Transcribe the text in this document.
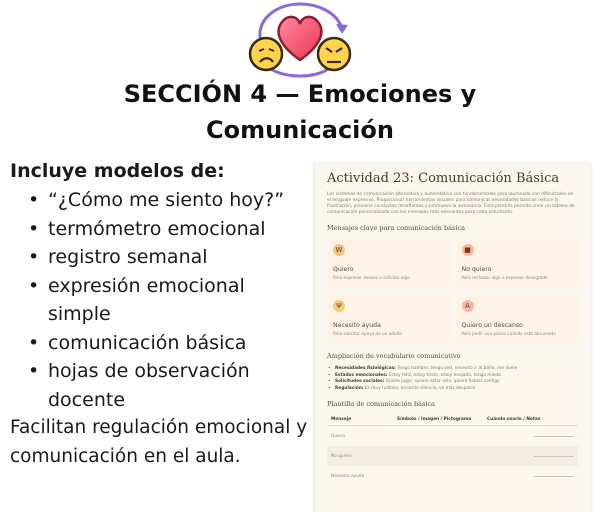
SECCIÓN 4 — Emociones y
Comunicación
Incluye modelos de:
• “¿Cómo me siento hoy?”
• termómetro emocional
• registro semanal
• expresión emocional simple
• comunicación básica
• hojas de observación docente
Facilitan regulación emocional y comunicación en el aula.
Actividad 23: Comunicación Básica
Los sistemas de comunicación alternativa y aumentativa son fundamentales para alumnado con dificultades en el lenguaje expresivo. Proporcionar herramientas visuales para comunicar necesidades básicas reduce la frustración, previene conductas desafiantes y promueve la autonomía. Esta plantilla permite crear un tablero de comunicación personalizado con los mensajes más relevantes para cada estudiante.
Mensajes clave para comunicación básica
W
Quiero
Para expresar deseos o solicitar algo
■
No quiero
Para rechazar algo o expresar desagrado
Ψ
Necesito ayuda
Para solicitar apoyo de un adulto
A
Quiero un descanso
Para pedir una pausa cuando está abrumado
Ampliación de vocabulario comunicativo
• Necesidades fisiológicas: Tengo hambre, tengo sed, necesito ir al baño, me duele
• Estados emocionales: Estoy feliz, estoy triste, estoy enojado, tengo miedo
• Solicitudes sociales: Quiero jugar, quiero estar solo, quiero hablar contigo
• Regulación: Es muy ruidoso, necesito silencio, ve más despacio
Plantilla de comunicación básica
Mensaje	Símbolo / Imagen / Pictograma	Cuándo usarlo / Notas
Quiero
No quiero
Necesito ayuda
